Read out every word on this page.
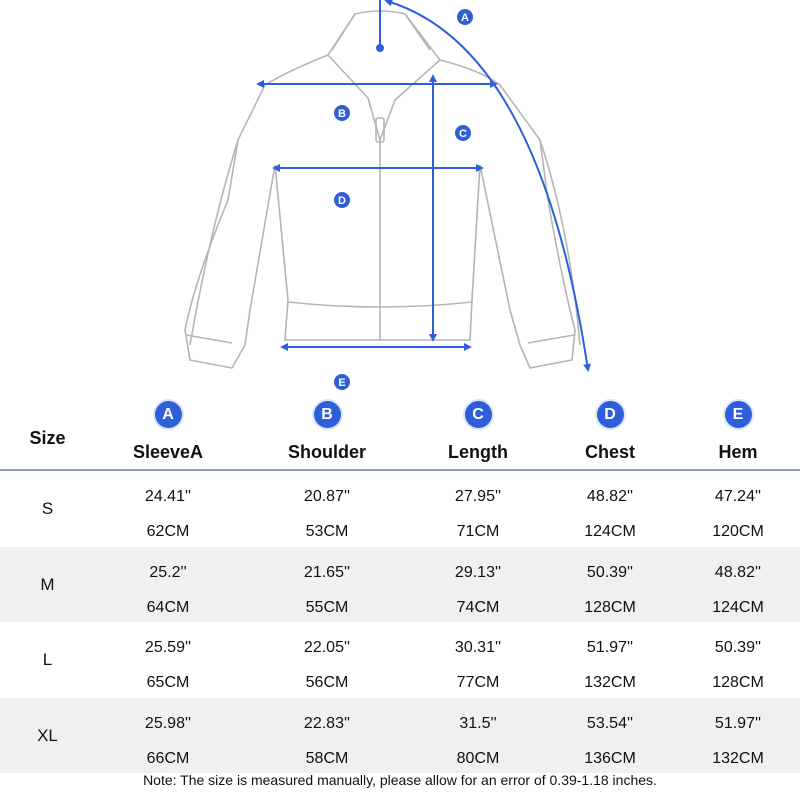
A
B
C
D
E
Size
A
SleeveA
B
Shoulder
C
Length
D
Chest
E
Hem
S
24.41''
62CM
20.87''
53CM
27.95''
71CM
48.82''
124CM
47.24''
120CM
M
25.2''
64CM
21.65''
55CM
29.13''
74CM
50.39''
128CM
48.82''
124CM
L
25.59''
65CM
22.05''
56CM
30.31''
77CM
51.97''
132CM
50.39''
128CM
XL
25.98''
66CM
22.83''
58CM
31.5''
80CM
53.54''
136CM
51.97''
132CM
Note: The size is measured manually, please allow for an error of 0.39-1.18 inches.
